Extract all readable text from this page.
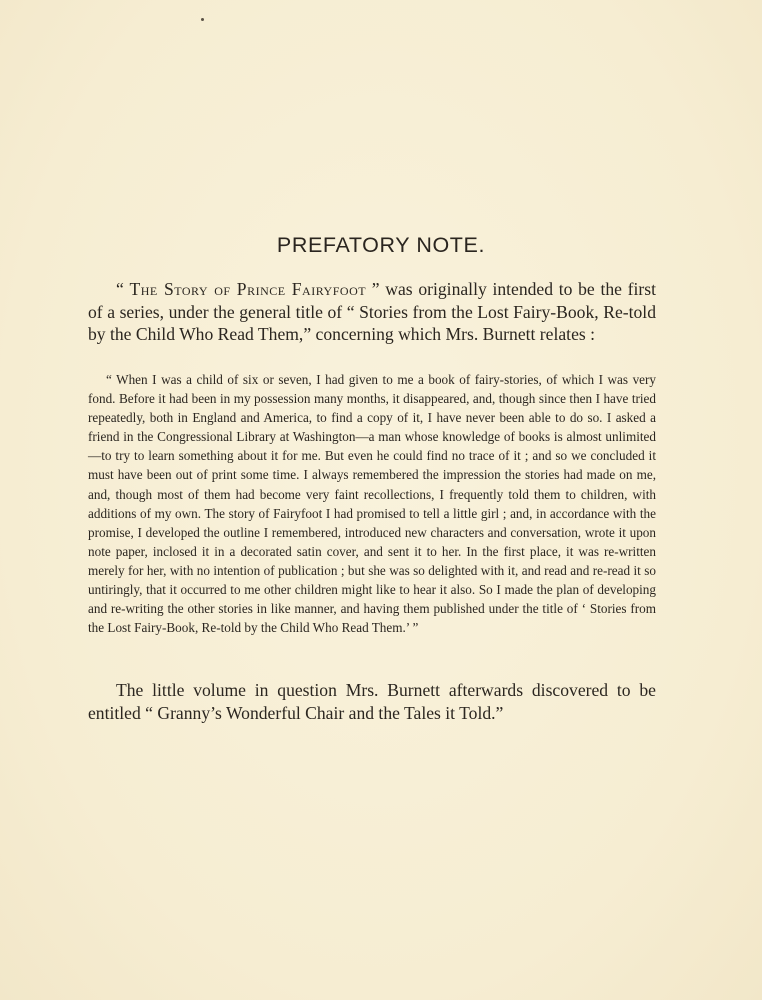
PREFATORY NOTE.

“ The Story of Prince Fairyfoot ” was originally intended to be the first of a series, under the general title of “ Stories from the Lost Fairy-Book, Re-told by the Child Who Read Them,” concerning which Mrs. Burnett relates :

“ When I was a child of six or seven, I had given to me a book of fairy-stories, of which I was very fond. Before it had been in my possession many months, it disappeared, and, though since then I have tried repeatedly, both in England and America, to find a copy of it, I have never been able to do so. I asked a friend in the Congressional Library at Washington—a man whose knowledge of books is almost unlimited—to try to learn something about it for me. But even he could find no trace of it ; and so we concluded it must have been out of print some time. I always remembered the impression the stories had made on me, and, though most of them had become very faint recollections, I frequently told them to children, with additions of my own. The story of Fairyfoot I had promised to tell a little girl ; and, in accordance with the promise, I developed the outline I remembered, introduced new characters and conversation, wrote it upon note paper, inclosed it in a decorated satin cover, and sent it to her. In the first place, it was re-written merely for her, with no intention of publication ; but she was so delighted with it, and read and re-read it so untiringly, that it occurred to me other children might like to hear it also. So I made the plan of developing and re-writing the other stories in like manner, and having them published under the title of ‘ Stories from the Lost Fairy-Book, Re-told by the Child Who Read Them.’ ”

The little volume in question Mrs. Burnett afterwards discovered to be entitled “ Granny’s Wonderful Chair and the Tales it Told.”
